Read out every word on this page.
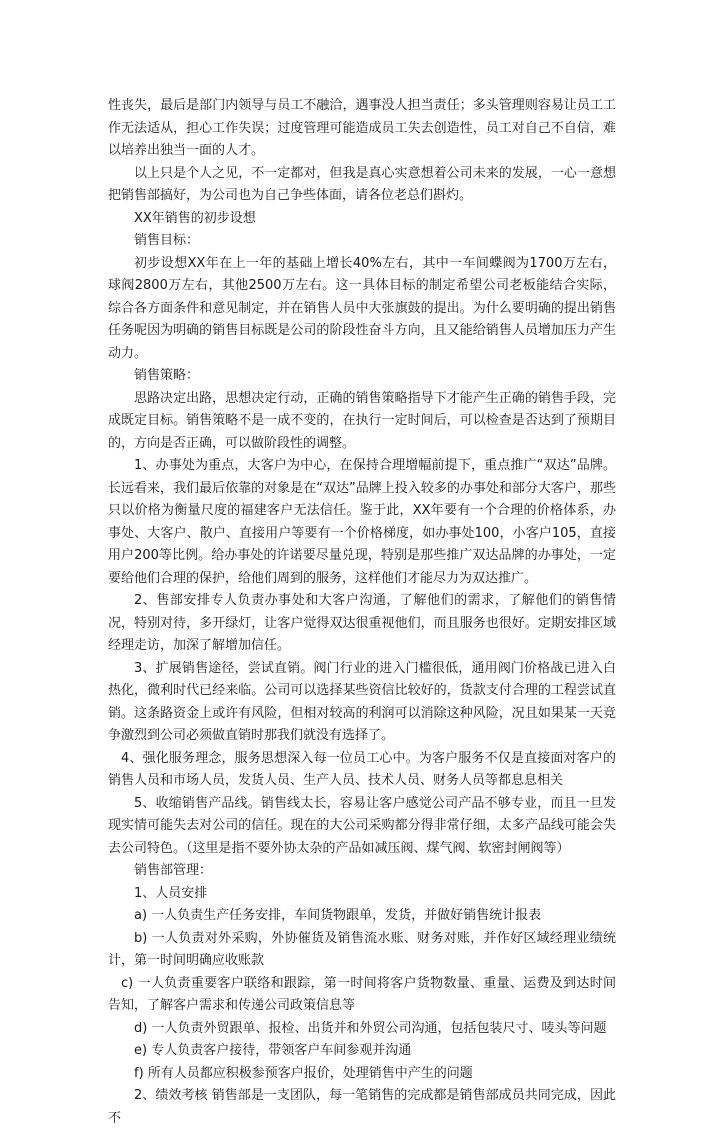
性丧失，最后是部门内领导与员工不融洽，遇事没人担当责任；多头管理则容易让员工工作无法适从，担心工作失误；过度管理可能造成员工失去创造性，员工对自己不自信，难以培养出独当一面的人才。

以上只是个人之见，不一定都对，但我是真心实意想着公司未来的发展，一心一意想把销售部搞好，为公司也为自己争些体面，请各位老总们斟灼。

XX年销售的初步设想

销售目标：

初步设想XX年在上一年的基础上增长40%左右，其中一车间蝶阀为1700万左右，球阀2800万左右，其他2500万左右。这一具体目标的制定希望公司老板能结合实际，综合各方面条件和意见制定，并在销售人员中大张旗鼓的提出。为什么要明确的提出销售任务呢因为明确的销售目标既是公司的阶段性奋斗方向，且又能给销售人员增加压力产生动力。

销售策略：

思路决定出路，思想决定行动，正确的销售策略指导下才能产生正确的销售手段，完成既定目标。销售策略不是一成不变的，在执行一定时间后，可以检查是否达到了预期目的，方向是否正确，可以做阶段性的调整。

1、办事处为重点，大客户为中心，在保持合理增幅前提下，重点推广“双达”品牌。长远看来，我们最后依靠的对象是在“双达”品牌上投入较多的办事处和部分大客户，那些只以价格为衡量尺度的福建客户无法信任。鉴于此，XX年要有一个合理的价格体系，办事处、大客户、散户、直接用户等要有一个价格梯度，如办事处100，小客户105，直接用户200等比例。给办事处的许诺要尽量兑现，特别是那些推广双达品牌的办事处，一定要给他们合理的保护，给他们周到的服务，这样他们才能尽力为双达推广。

2、售部安排专人负责办事处和大客户沟通，了解他们的需求，了解他们的销售情况，特别对待，多开绿灯，让客户觉得双达很重视他们，而且服务也很好。定期安排区域经理走访，加深了解增加信任。

3、扩展销售途径，尝试直销。阀门行业的进入门槛很低，通用阀门价格战已进入白热化，微利时代已经来临。公司可以选择某些资信比较好的，货款支付合理的工程尝试直销。这条路资金上或许有风险，但相对较高的利润可以消除这种风险，况且如果某一天竞争激烈到公司必须做直销时那我们就没有选择了。

4、强化服务理念，服务思想深入每一位员工心中。为客户服务不仅是直接面对客户的销售人员和市场人员，发货人员、生产人员、技术人员、财务人员等都息息相关

5、收缩销售产品线。销售线太长，容易让客户感觉公司产品不够专业，而且一旦发现实情可能失去对公司的信任。现在的大公司采购都分得非常仔细，太多产品线可能会失去公司特色。（这里是指不要外协太杂的产品如减压阀、煤气阀、软密封闸阀等）

销售部管理：

1、人员安排

a) 一人负责生产任务安排，车间货物跟单，发货，并做好销售统计报表

b) 一人负责对外采购，外协催货及销售流水账、财务对账，并作好区域经理业绩统计，第一时间明确应收账款

c) 一人负责重要客户联络和跟踪，第一时间将客户货物数量、重量、运费及到达时间告知，了解客户需求和传递公司政策信息等

d) 一人负责外贸跟单、报检、出货并和外贸公司沟通，包括包装尺寸、唛头等问题

e) 专人负责客户接待，带领客户车间参观并沟通

f) 所有人员都应积极参预客户报价，处理销售中产生的问题

2、绩效考核 销售部是一支团队，每一笔销售的完成都是销售部成员共同完成，因此不
